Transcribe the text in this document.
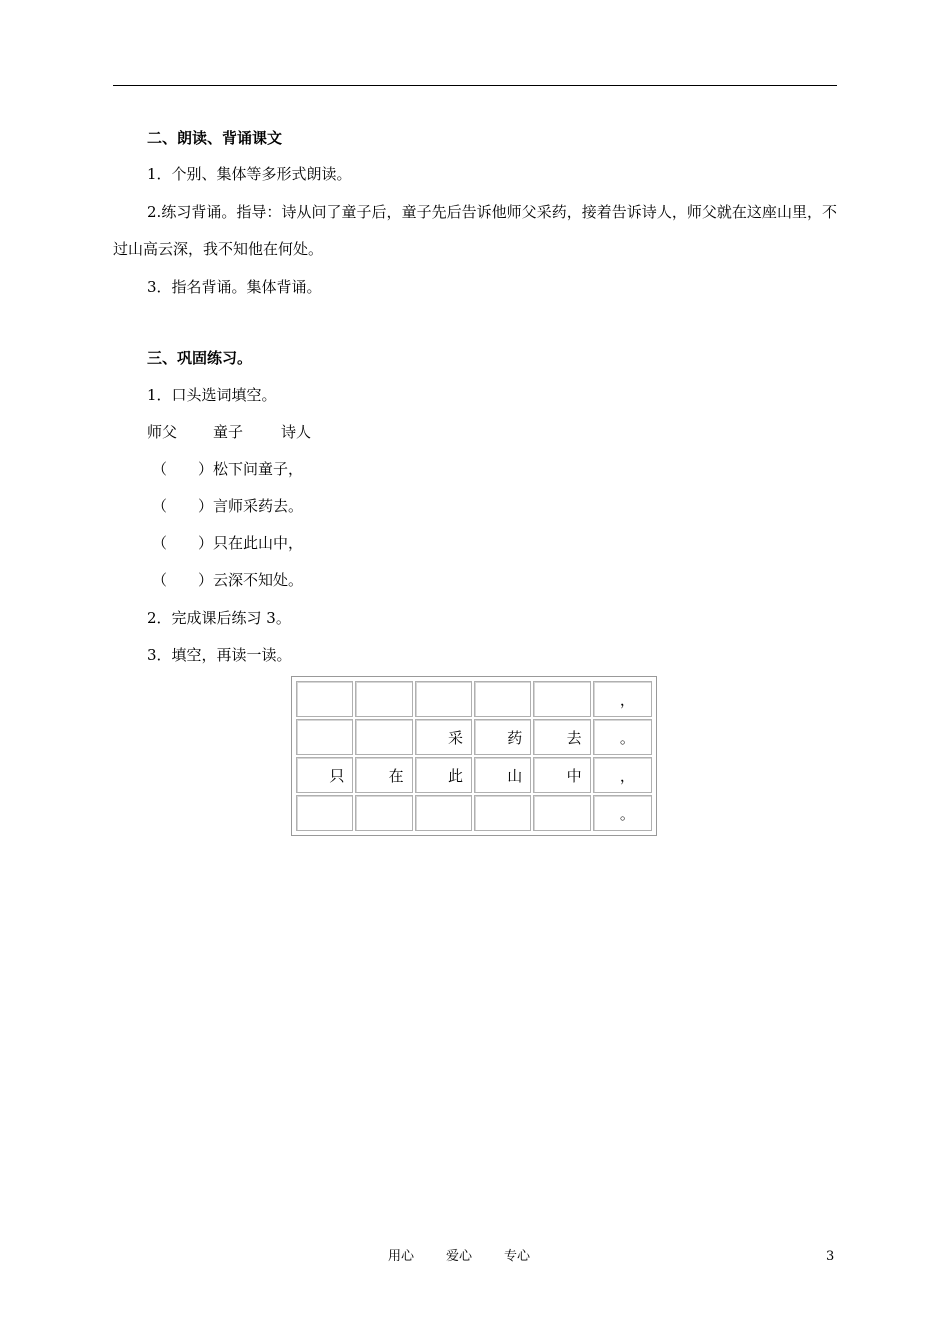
二、朗读、背诵课文
1．个别、集体等多形式朗读。
2.练习背诵。指导：诗从问了童子后，童子先后告诉他师父采药，接着告诉诗人，师父就在这座山里，不过山高云深，我不知他在何处。
3．指名背诵。集体背诵。
三、巩固练习。
1．口头选词填空。
师父 童子	诗人
（ ）松下问童子，
（ ）言师采药去。
（ ）只在此山中，
（ ）云深不知处。
2．完成课后练习 3。
3．填空，再读一读。
					，
		采	药	去	。
只	在	此	山	中	，
					。
用心 爱心 专心	3
